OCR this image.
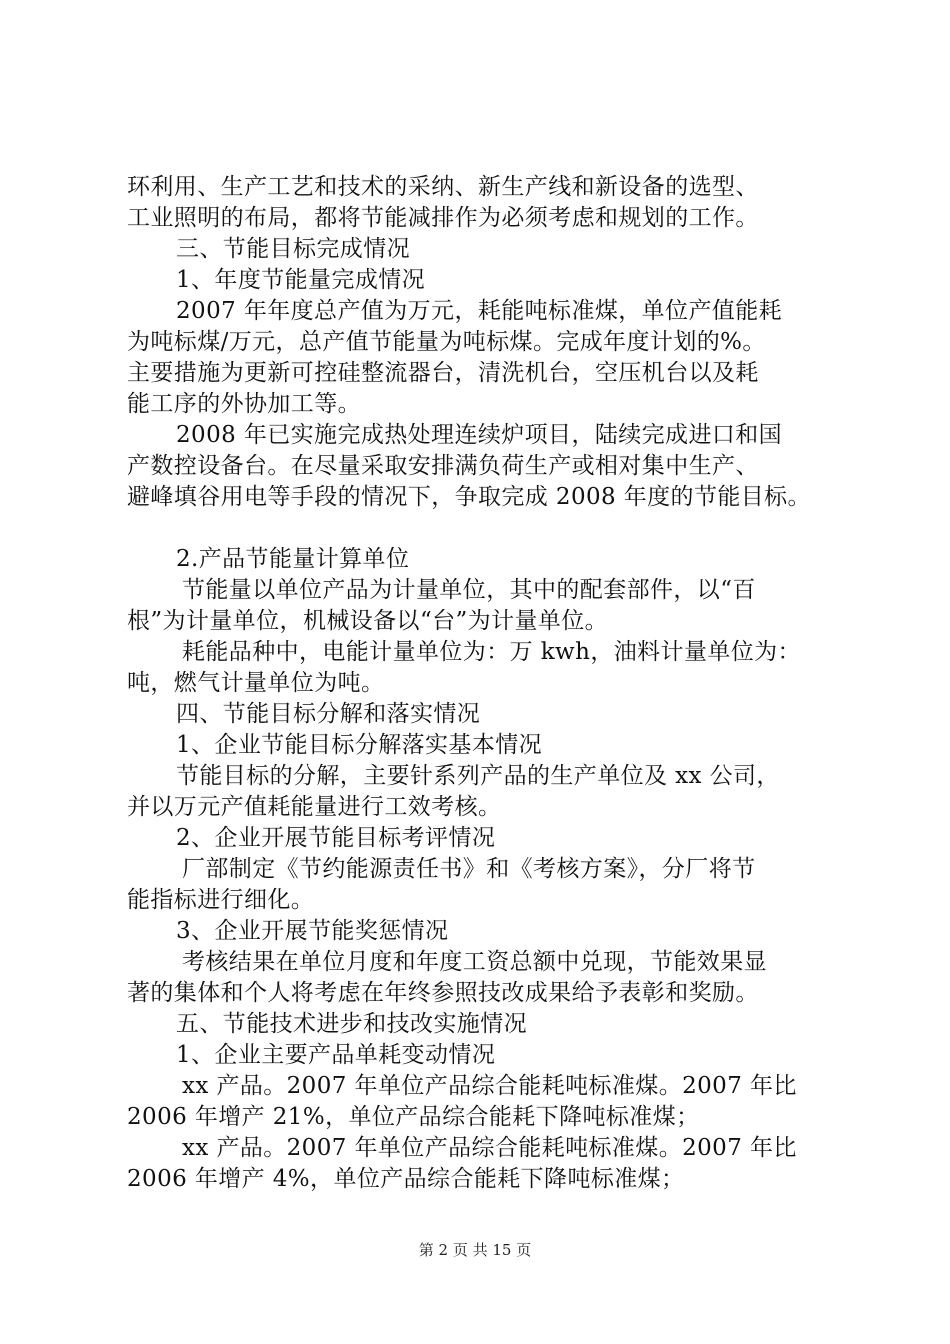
环利用、生产工艺和技术的采纳、新生产线和新设备的选型、
工业照明的布局，都将节能减排作为必须考虑和规划的工作。
三、节能目标完成情况
1、年度节能量完成情况
2007 年年度总产值为万元，耗能吨标准煤，单位产值能耗
为吨标煤/万元，总产值节能量为吨标煤。完成年度计划的%。
主要措施为更新可控硅整流器台，清洗机台，空压机台以及耗
能工序的外协加工等。
2008 年已实施完成热处理连续炉项目，陆续完成进口和国
产数控设备台。在尽量采取安排满负荷生产或相对集中生产、
避峰填谷用电等手段的情况下，争取完成 2008 年度的节能目标。
2.产品节能量计算单位
节能量以单位产品为计量单位，其中的配套部件，以“百
根”为计量单位，机械设备以“台”为计量单位。
耗能品种中，电能计量单位为：万 kwh，油料计量单位为：
吨，燃气计量单位为吨。
四、节能目标分解和落实情况
1、企业节能目标分解落实基本情况
节能目标的分解，主要针系列产品的生产单位及 xx 公司，
并以万元产值耗能量进行工效考核。
2、企业开展节能目标考评情况
厂部制定《节约能源责任书》和《考核方案》，分厂将节
能指标进行细化。
3、企业开展节能奖惩情况
考核结果在单位月度和年度工资总额中兑现，节能效果显
著的集体和个人将考虑在年终参照技改成果给予表彰和奖励。
五、节能技术进步和技改实施情况
1、企业主要产品单耗变动情况
xx 产品。2007 年单位产品综合能耗吨标准煤。2007 年比
2006 年增产 21%，单位产品综合能耗下降吨标准煤；
xx 产品。2007 年单位产品综合能耗吨标准煤。2007 年比
2006 年增产 4%，单位产品综合能耗下降吨标准煤；
第 2 页 共 15 页
